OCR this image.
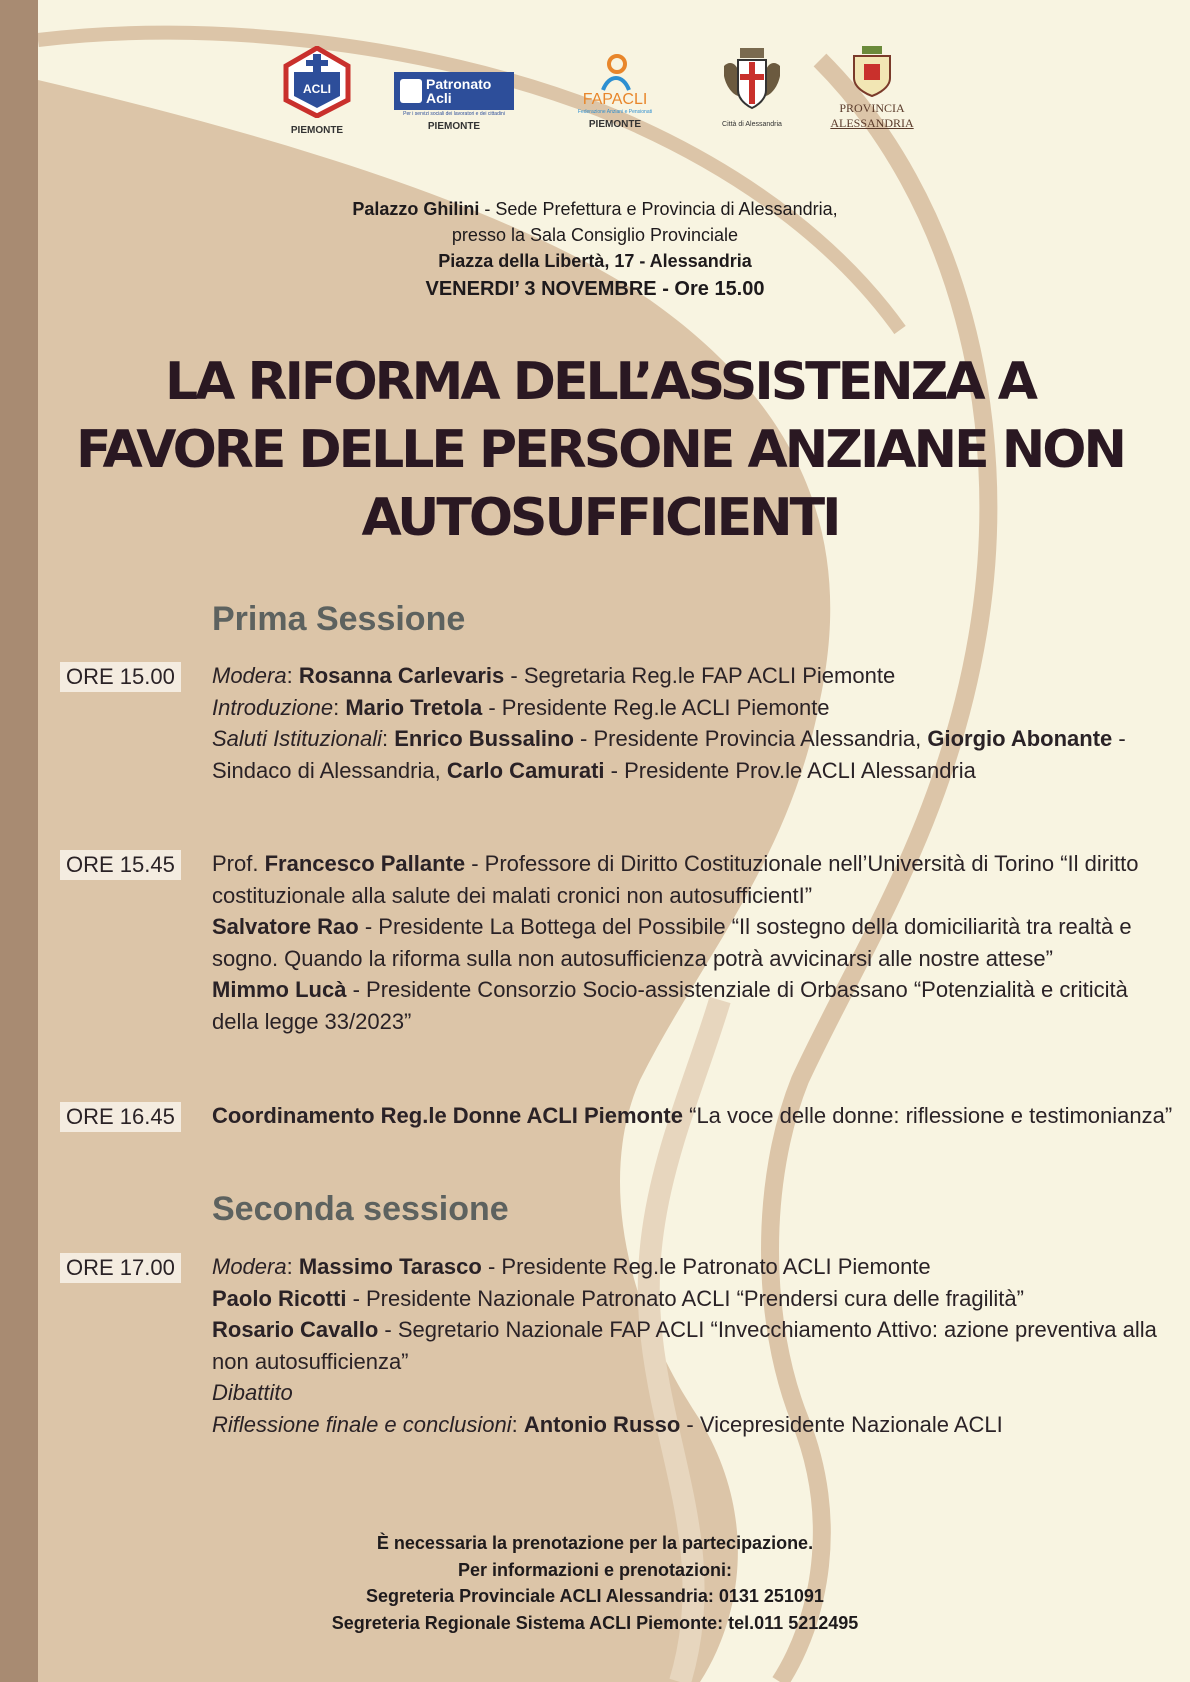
ACLI
PIEMONTE
Patronato Acli
Per i servizi sociali dei lavoratori e dei cittadini
PIEMONTE
FAPACLI
Federazione Anziani e Pensionati
PIEMONTE	Città di Alessandria
PROVINCIA
ALESSANDRIA
Palazzo Ghilini - Sede Prefettura e Provincia di Alessandria,
presso la Sala Consiglio Provinciale
Piazza della Libertà, 17 - Alessandria
VENERDI’ 3 NOVEMBRE - Ore 15.00
LA RIFORMA DELL’ASSISTENZA A
FAVORE DELLE PERSONE ANZIANE NON
AUTOSUFFICIENTI
Prima Sessione
ORE 15.00 Modera: Rosanna Carlevaris - Segretaria Reg.le FAP ACLI Piemonte
Introduzione: Mario Tretola - Presidente Reg.le ACLI Piemonte
Saluti Istituzionali: Enrico Bussalino - Presidente Provincia Alessandria, Giorgio Abonante - Sindaco di Alessandria, Carlo Camurati - Presidente Prov.le ACLI Alessandria
ORE 15.45 Prof. Francesco Pallante - Professore di Diritto Costituzionale nell’Università di Torino “Il diritto costituzionale alla salute dei malati cronici non autosufficientI”
Salvatore Rao - Presidente La Bottega del Possibile “Il sostegno della domiciliarità tra realtà e sogno. Quando la riforma sulla non autosufficienza potrà avvicinarsi alle nostre attese”
Mimmo Lucà - Presidente Consorzio Socio-assistenziale di Orbassano “Potenzialità e criticità della legge 33/2023”
ORE 16.45 Coordinamento Reg.le Donne ACLI Piemonte “La voce delle donne: riflessione e testimonianza”
Seconda sessione
ORE 17.00 Modera: Massimo Tarasco - Presidente Reg.le Patronato ACLI Piemonte
Paolo Ricotti - Presidente Nazionale Patronato ACLI “Prendersi cura delle fragilità”
Rosario Cavallo - Segretario Nazionale FAP ACLI “Invecchiamento Attivo: azione preventiva alla non autosufficienza”
Dibattito
Riflessione finale e conclusioni: Antonio Russo - Vicepresidente Nazionale ACLI
È necessaria la prenotazione per la partecipazione.
Per informazioni e prenotazioni:
Segreteria Provinciale ACLI Alessandria: 0131 251091
Segreteria Regionale Sistema ACLI Piemonte: tel.011 5212495
